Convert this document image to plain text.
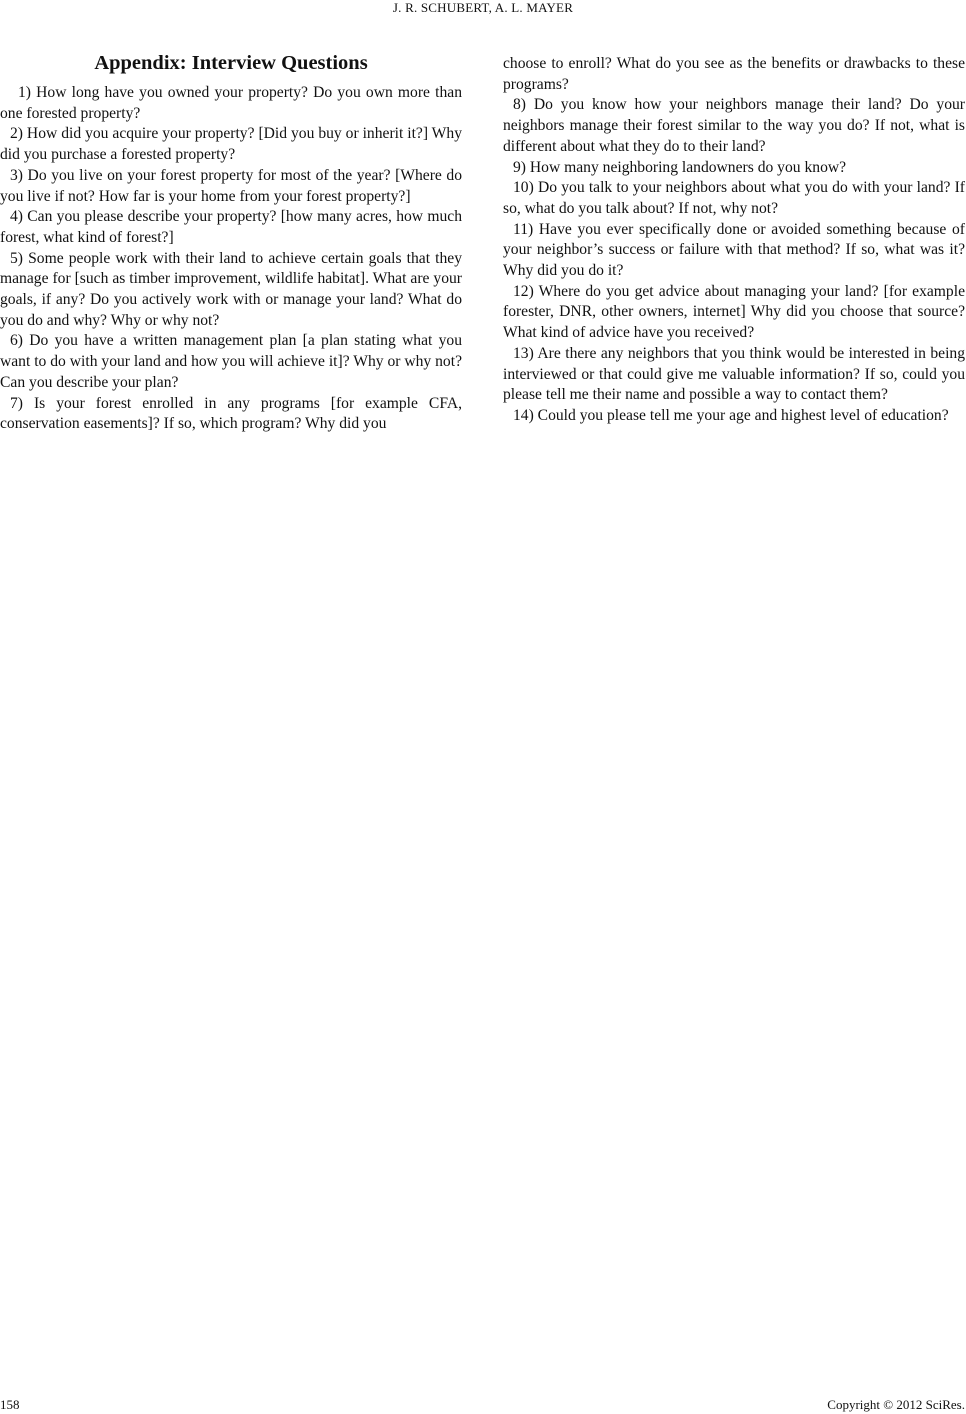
J. R. SCHUBERT, A. L. MAYER
Appendix: Interview Questions

1) How long have you owned your property? Do you own more than one forested property?

2) How did you acquire your property? [Did you buy or inherit it?] Why did you purchase a forested property?

3) Do you live on your forest property for most of the year? [Where do you live if not? How far is your home from your forest property?]

4) Can you please describe your property? [how many acres, how much forest, what kind of forest?]

5) Some people work with their land to achieve certain goals that they manage for [such as timber improvement, wildlife habitat]. What are your goals, if any? Do you actively work with or manage your land? What do you do and why? Why or why not?

6) Do you have a written management plan [a plan stating what you want to do with your land and how you will achieve it]? Why or why not? Can you describe your plan?

7) Is your forest enrolled in any programs [for example CFA, conservation easements]? If so, which program? Why did you

choose to enroll? What do you see as the benefits or drawbacks to these programs?

8) Do you know how your neighbors manage their land? Do your neighbors manage their forest similar to the way you do? If not, what is different about what they do to their land?

9) How many neighboring landowners do you know?

10) Do you talk to your neighbors about what you do with your land? If so, what do you talk about? If not, why not?

11) Have you ever specifically done or avoided something because of your neighbor’s success or failure with that method? If so, what was it? Why did you do it?

12) Where do you get advice about managing your land? [for example forester, DNR, other owners, internet] Why did you choose that source? What kind of advice have you received?

13) Are there any neighbors that you think would be interested in being interviewed or that could give me valuable information? If so, could you please tell me their name and possible a way to contact them?

14) Could you please tell me your age and highest level of education?

158	Copyright © 2012 SciRes.
